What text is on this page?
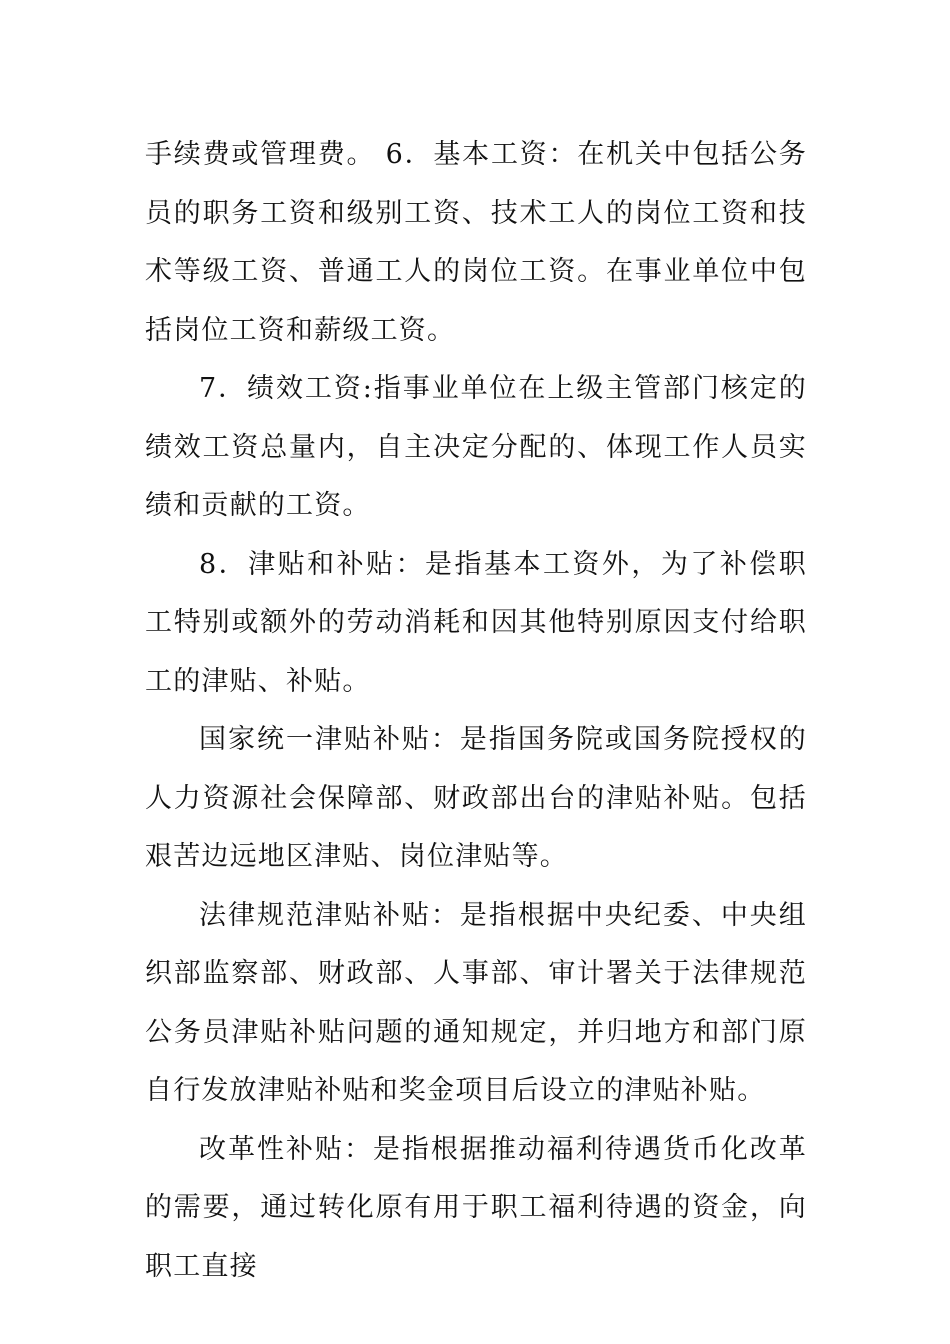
手续费或管理费。 6．基本工资：在机关中包括公务员的职务工资和级别工资、技术工人的岗位工资和技术等级工资、普通工人的岗位工资。在事业单位中包括岗位工资和薪级工资。

7．绩效工资:指事业单位在上级主管部门核定的绩效工资总量内，自主决定分配的、体现工作人员实绩和贡献的工资。

8．津贴和补贴：是指基本工资外，为了补偿职工特别或额外的劳动消耗和因其他特别原因支付给职工的津贴、补贴。

国家统一津贴补贴：是指国务院或国务院授权的人力资源社会保障部、财政部出台的津贴补贴。包括艰苦边远地区津贴、岗位津贴等。

法律规范津贴补贴：是指根据中央纪委、中央组织部监察部、财政部、人事部、审计署关于法律规范公务员津贴补贴问题的通知规定，并归地方和部门原自行发放津贴补贴和奖金项目后设立的津贴补贴。

改革性补贴：是指根据推动福利待遇货币化改革的需要，通过转化原有用于职工福利待遇的资金，向职工直接
